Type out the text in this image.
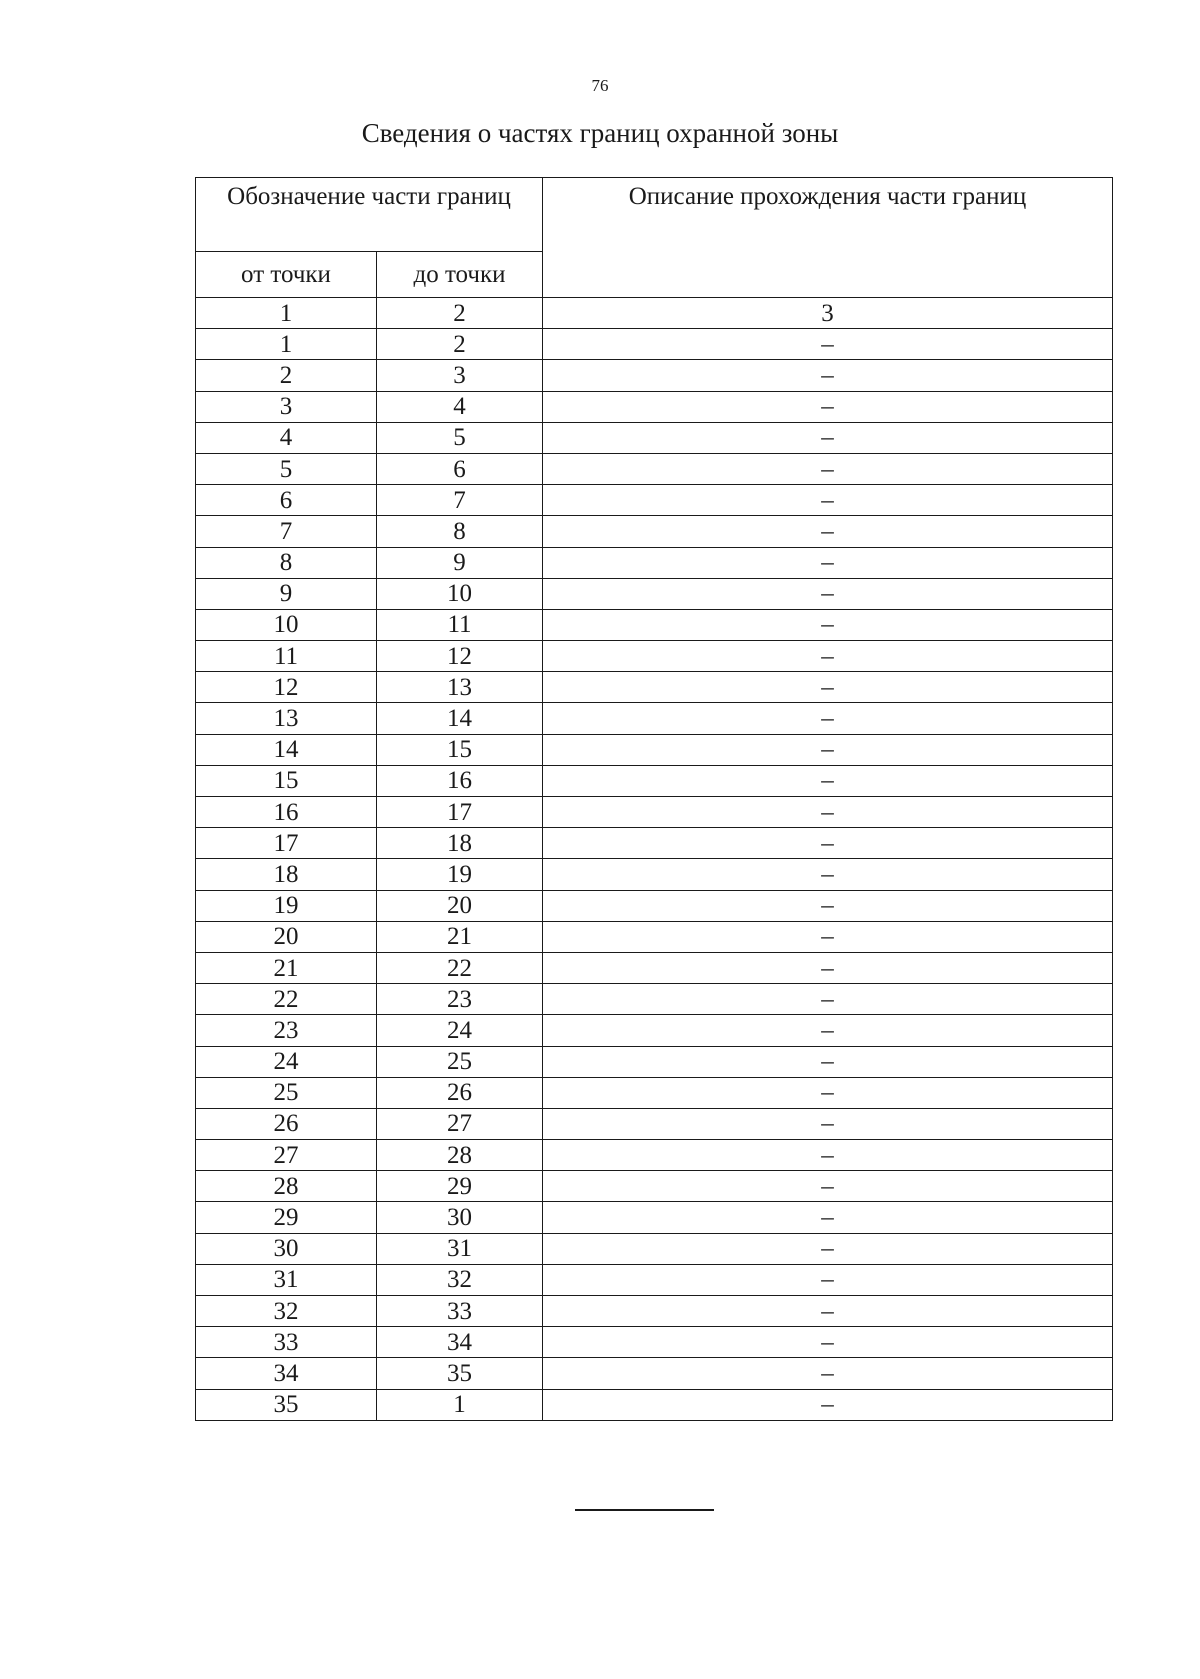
76
Сведения о частях границ охранной зоны
Обозначение части границ		Описание прохождения части границ
от точки	до точки	
1	2	3
1	2	–
2	3	–
3	4	–
4	5	–
5	6	–
6	7	–
7	8	–
8	9	–
9	10	–
10	11	–
11	12	–
12	13	–
13	14	–
14	15	–
15	16	–
16	17	–
17	18	–
18	19	–
19	20	–
20	21	–
21	22	–
22	23	–
23	24	–
24	25	–
25	26	–
26	27	–
27	28	–
28	29	–
29	30	–
30	31	–
31	32	–
32	33	–
33	34	–
34	35	–
35	1	–
